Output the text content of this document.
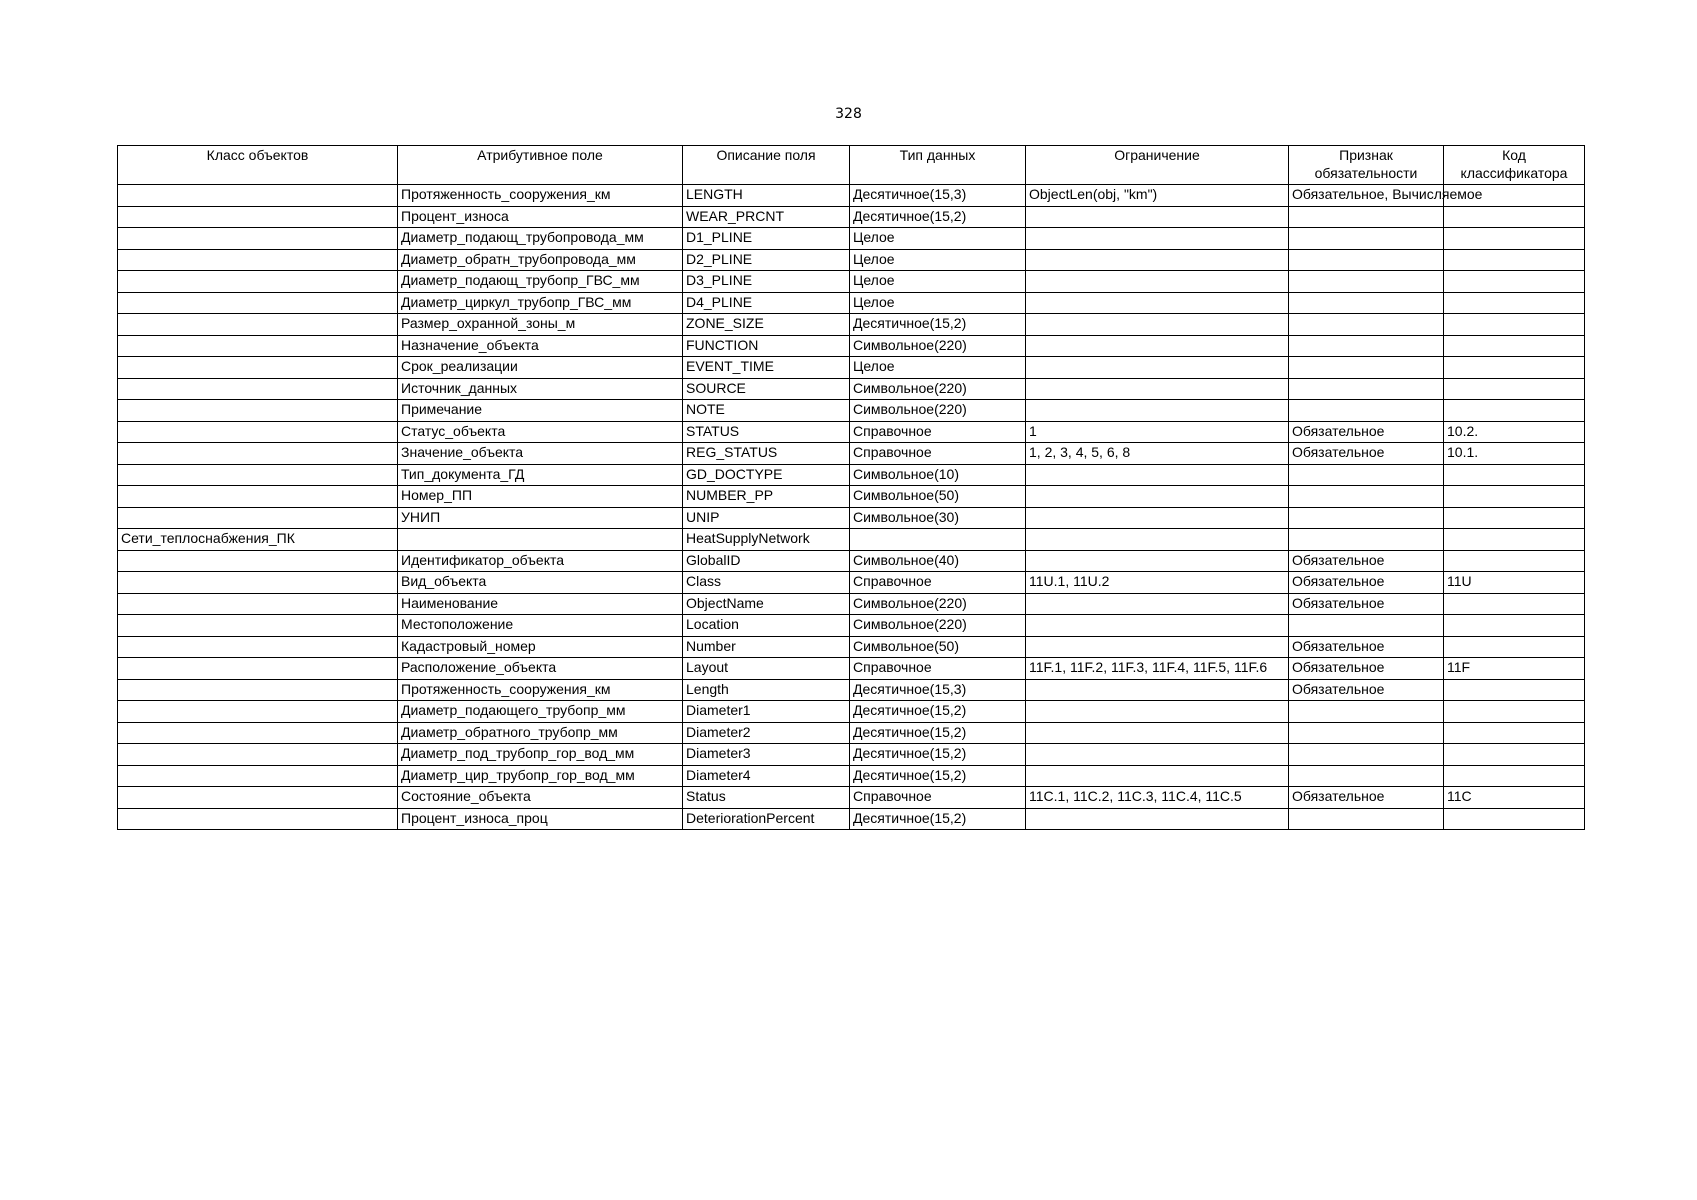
328
Класс объектов	Атрибутивное поле	Описание поля	Тип данных	Ограничение	Признак обязательности	Код классификатора
	Протяженность_сооружения_км	LENGTH	Десятичное(15,3)	ObjectLen(obj, "km")	Обязательное, Вычисляемое	
	Процент_износа	WEAR_PRCNT	Десятичное(15,2)			
	Диаметр_подающ_трубопровода_мм	D1_PLINE	Целое			
	Диаметр_обратн_трубопровода_мм	D2_PLINE	Целое			
	Диаметр_подающ_трубопр_ГВС_мм	D3_PLINE	Целое			
	Диаметр_циркул_трубопр_ГВС_мм	D4_PLINE	Целое			
	Размер_охранной_зоны_м	ZONE_SIZE	Десятичное(15,2)			
	Назначение_объекта	FUNCTION	Символьное(220)			
	Срок_реализации	EVENT_TIME	Целое			
	Источник_данных	SOURCE	Символьное(220)			
	Примечание	NOTE	Символьное(220)			
	Статус_объекта	STATUS	Справочное	1	Обязательное	10.2.
	Значение_объекта	REG_STATUS	Справочное	1, 2, 3, 4, 5, 6, 8	Обязательное	10.1.
	Тип_документа_ГД	GD_DOCTYPE	Символьное(10)			
	Номер_ПП	NUMBER_PP	Символьное(50)			
	УНИП	UNIP	Символьное(30)			
Сети_теплоснабжения_ПК		HeatSupplyNetwork				
	Идентификатор_объекта	GlobalID	Символьное(40)		Обязательное	
	Вид_объекта	Class	Справочное	11U.1, 11U.2	Обязательное	11U
	Наименование	ObjectName	Символьное(220)		Обязательное	
	Местоположение	Location	Символьное(220)			
	Кадастровый_номер	Number	Символьное(50)		Обязательное	
	Расположение_объекта	Layout	Справочное	11F.1, 11F.2, 11F.3, 11F.4, 11F.5, 11F.6	Обязательное	11F
	Протяженность_сооружения_км	Length	Десятичное(15,3)		Обязательное	
	Диаметр_подающего_трубопр_мм	Diameter1	Десятичное(15,2)			
	Диаметр_обратного_трубопр_мм	Diameter2	Десятичное(15,2)			
	Диаметр_под_трубопр_гор_вод_мм	Diameter3	Десятичное(15,2)			
	Диаметр_цир_трубопр_гор_вод_мм	Diameter4	Десятичное(15,2)			
	Состояние_объекта	Status	Справочное	11C.1, 11C.2, 11C.3, 11C.4, 11C.5	Обязательное	11C
	Процент_износа_проц	DeteriorationPercent	Десятичное(15,2)			
